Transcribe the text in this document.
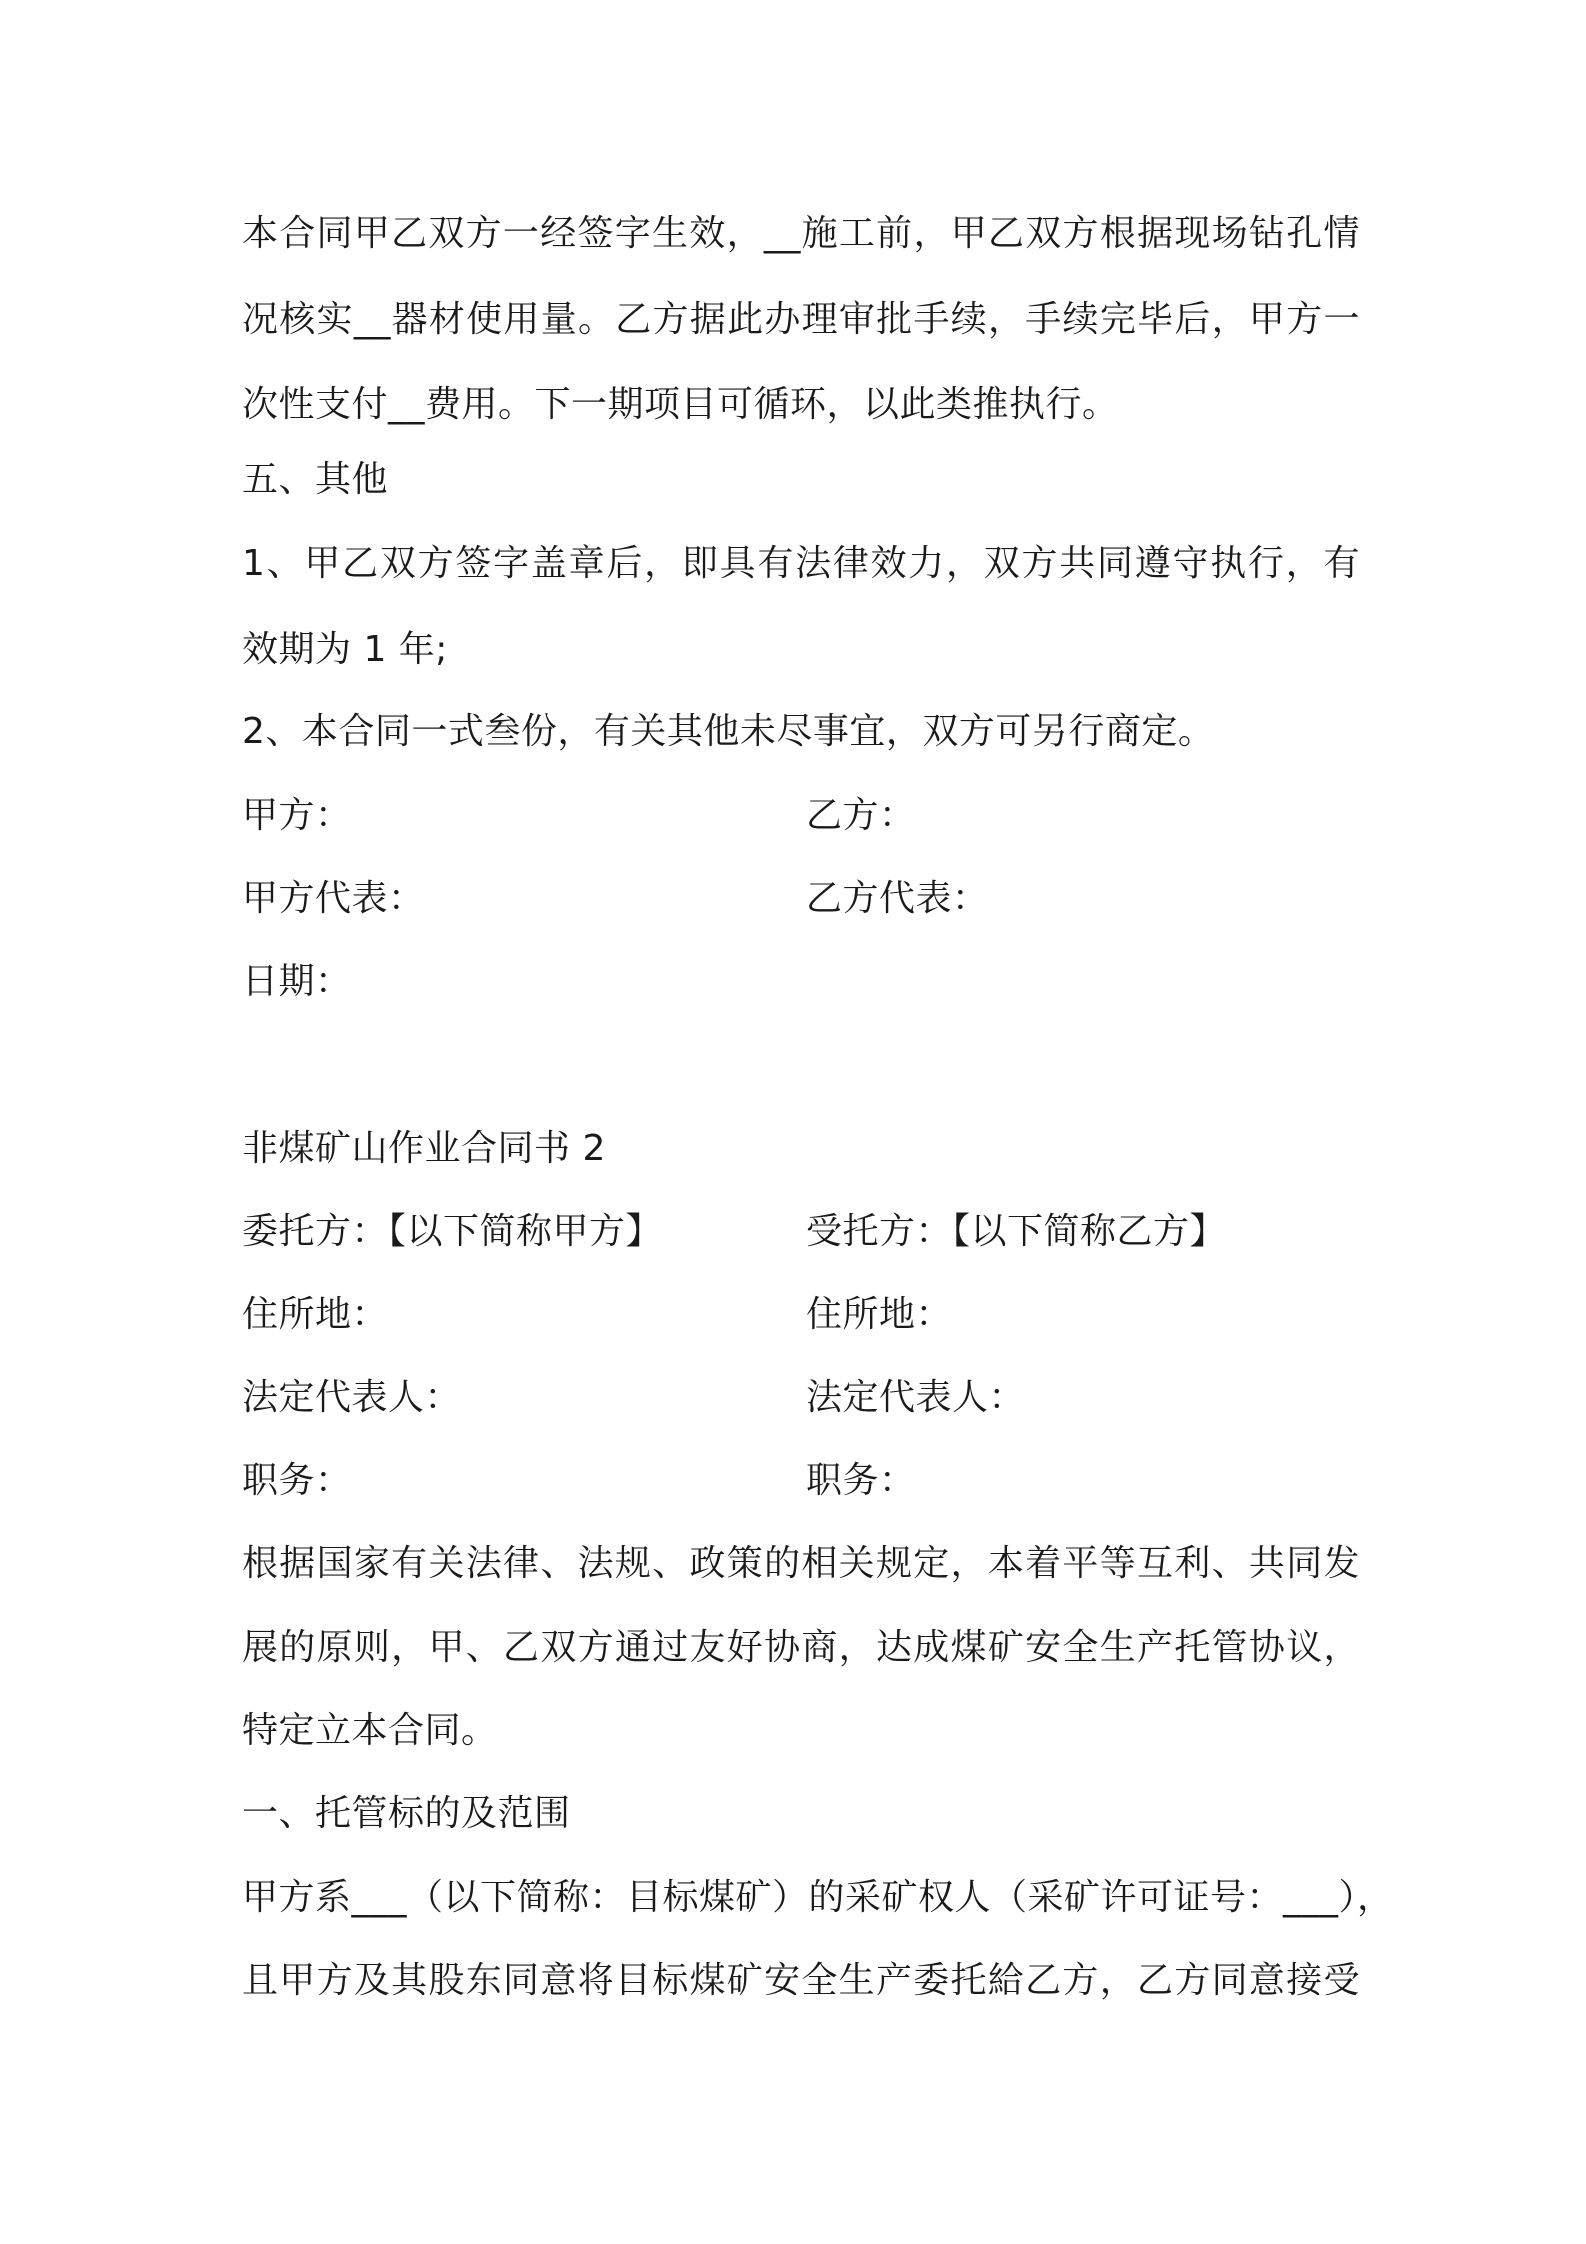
本合同甲乙双方一经签字生效，__施工前，甲乙双方根据现场钻孔情
况核实__器材使用量。乙方据此办理审批手续，手续完毕后，甲方一
次性支付__费用。下一期项目可循环，以此类推执行。
五、其他
1、甲乙双方签字盖章后，即具有法律效力，双方共同遵守执行，有
效期为 1 年;
2、本合同一式叁份，有关其他未尽事宜，双方可另行商定。
甲方：	乙方：
甲方代表：	乙方代表：
日期：
非煤矿山作业合同书 2
委托方：【以下简称甲方】	受托方：【以下简称乙方】
住所地：	住所地：
法定代表人：	法定代表人：
职务：	职务：
根据国家有关法律、法规、政策的相关规定，本着平等互利、共同发
展的原则，甲、乙双方通过友好协商，达成煤矿安全生产托管协议，
特定立本合同。
一、托管标的及范围
甲方系___（以下简称：目标煤矿）的采矿权人（采矿许可证号：___），
且甲方及其股东同意将目标煤矿安全生产委托給乙方，乙方同意接受
